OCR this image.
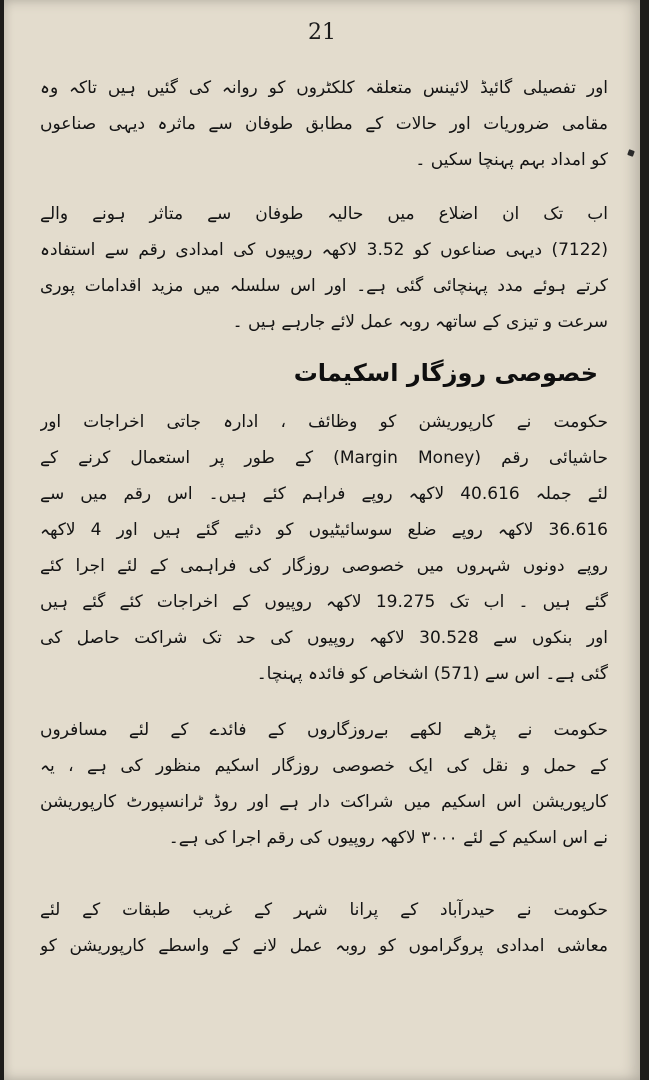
21
اور تفصیلی گائیڈ لائینس متعلقہ کلکٹروں کو روانہ کی گئیں ہیں تاکہ وہ
مقامی ضروریات اور حالات کے مطابق طوفان سے ماثرہ دیہی صناعوں
کو امداد بہم پہنچا سکیں ۔
اب تک ان اضلاع میں حالیہ طوفان سے متاثر ہونے والے
(7122) دیہی صناعوں کو 3.52 لاکھہ روپیوں کی امدادی رقم سے استفادہ
کرتے ہوئے مدد پہنچائی گئی ہے۔ اور اس سلسلہ میں مزید اقدامات پوری
سرعت و تیزی کے ساتھہ روبہ عمل لائے جارہے ہیں ۔
خصوصی روزگار اسکیمات
حکومت نے کارپوریشن کو وظائف ، ادارہ جاتی اخراجات اور
حاشیائی رقم (Margin Money) کے طور پر استعمال کرنے کے
لئے جملہ 40.616 لاکھہ روپے فراہم کئے ہیں۔ اس رقم میں سے
36.616 لاکھہ روپے ضلع سوسائیٹیوں کو دئیے گئے ہیں اور 4 لاکھہ
روپے دونوں شہروں میں خصوصی روزگار کی فراہمی کے لئے اجرا کئے
گئے ہیں ۔ اب تک 19.275 لاکھہ روپیوں کے اخراجات کئے گئے ہیں
اور بنکوں سے 30.528 لاکھہ روپیوں کی حد تک شراکت حاصل کی
گئی ہے۔ اس سے (571) اشخاص کو فائدہ پہنچا۔
حکومت نے پڑھے لکھے بےروزگاروں کے فائدے کے لئے مسافروں
کے حمل و نقل کی ایک خصوصی روزگار اسکیم منظور کی ہے ، یہ
کارپوریشن اس اسکیم میں شراکت دار ہے اور روڈ ٹرانسپورٹ کارپوریشن
نے اس اسکیم کے لئے ٣٠٠٠ لاکھہ روپیوں کی رقم اجرا کی ہے۔
حکومت نے حیدرآباد کے پرانا شہر کے غریب طبقات کے لئے
معاشی امدادی پروگراموں کو روبہ عمل لانے کے واسطے کارپوریشن کو
